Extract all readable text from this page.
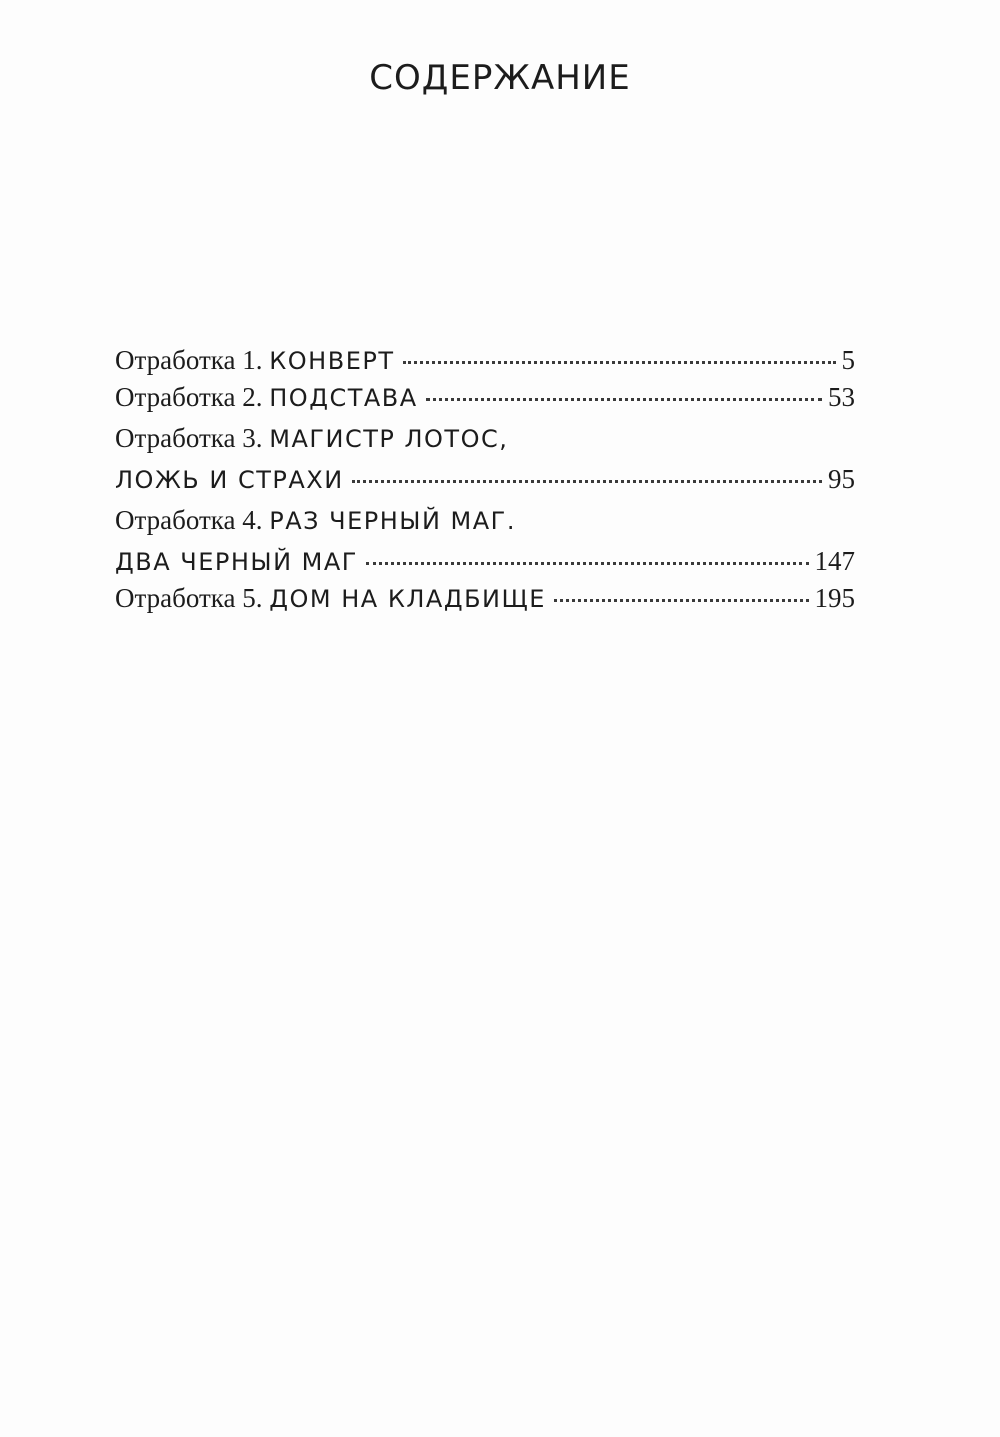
СОДЕРЖАНИЕ
Отработка 1. КОНВЕРТ	5
Отработка 2. ПОДСТАВА	53
Отработка 3. МАГИСТР ЛОТОС,
ЛОЖЬ И СТРАХИ	95
Отработка 4. РАЗ ЧЕРНЫЙ МАГ.
ДВА ЧЕРНЫЙ МАГ	147
Отработка 5. ДОМ НА КЛАДБИЩЕ	195
